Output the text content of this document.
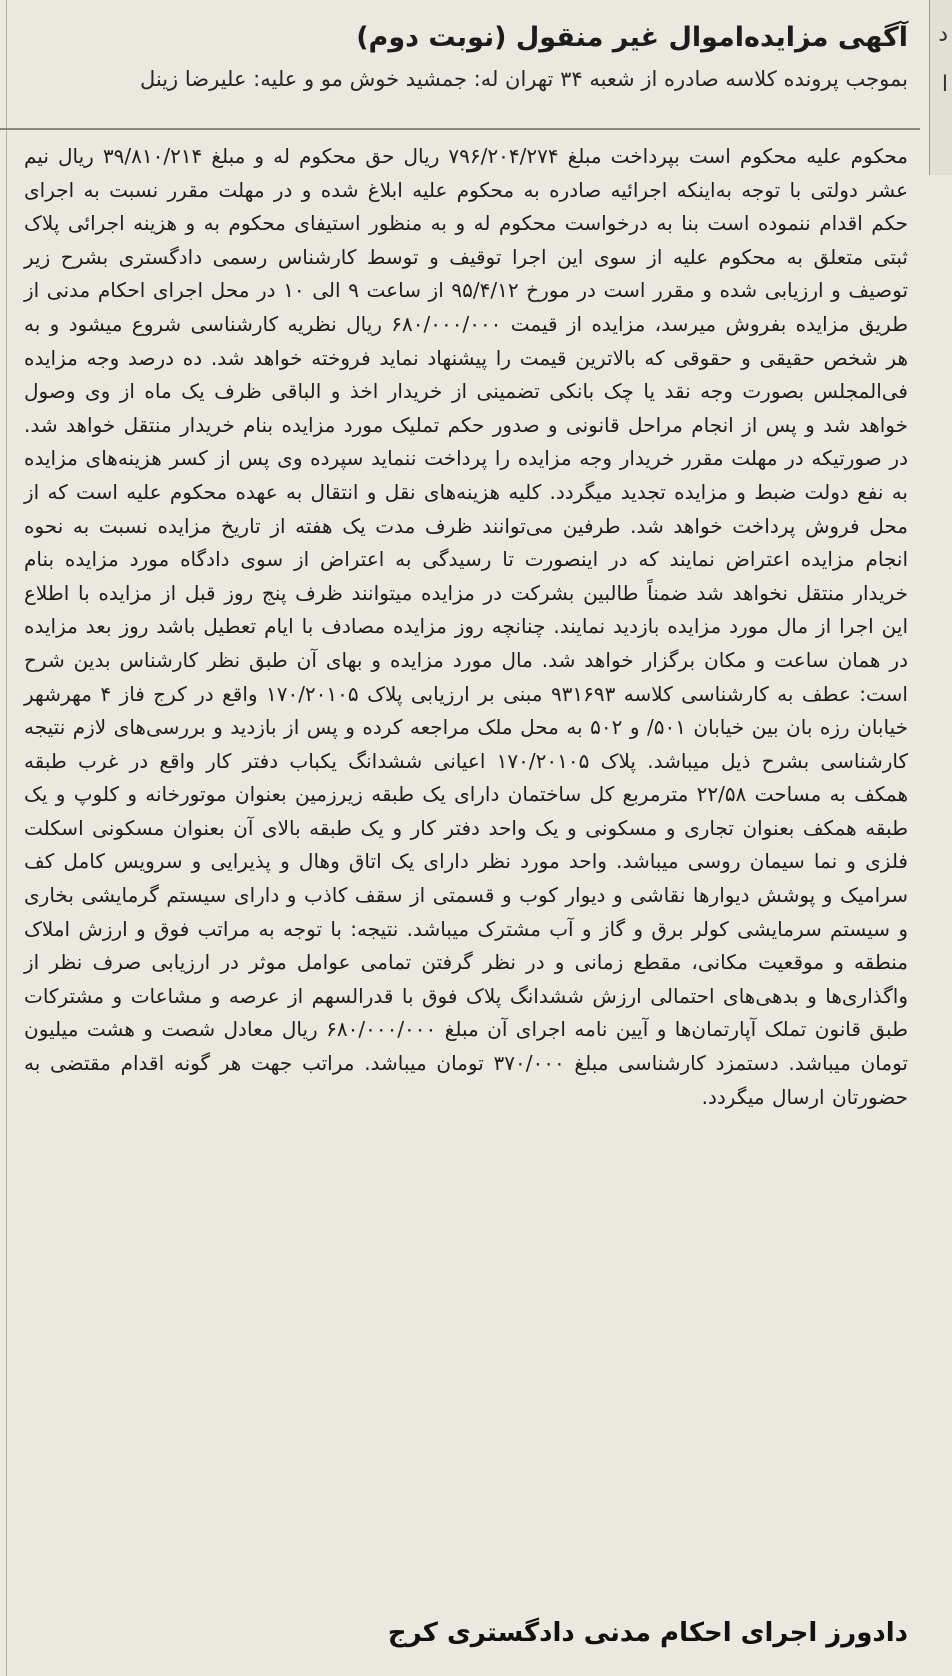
د
ا
آگهی مزایده‌اموال غیر منقول (نوبت دوم)
بموجب پرونده کلاسه صادره از شعبه ۳۴ تهران له: جمشید خوش مو و علیه: علیرضا زینل
محکوم علیه محکوم است بپرداخت مبلغ ۷۹۶/۲۰۴/۲۷۴ ریال حق محکوم له و مبلغ ۳۹/۸۱۰/۲۱۴ ریال نیم عشر دولتی با توجه به‌اینکه اجرائیه صادره به محکوم علیه ابلاغ شده و در مهلت مقرر نسبت به اجرای حکم اقدام ننموده است بنا به درخواست محکوم له و به منظور استیفای محکوم به و هزینه اجرائی پلاک ثبتی متعلق به محکوم علیه از سوی این اجرا توقیف و توسط کارشناس رسمی دادگستری بشرح زیر توصیف و ارزیابی شده و مقرر است در مورخ ۹۵/۴/۱۲ از ساعت ۹ الی ۱۰ در محل اجرای احکام مدنی از طریق مزایده بفروش میرسد، مزایده از قیمت ۶۸۰/۰۰۰/۰۰۰ ریال نظریه کارشناسی شروع میشود و به هر شخص حقیقی و حقوقی که بالاترین قیمت را پیشنهاد نماید فروخته خواهد شد. ده درصد وجه مزایده فی‌المجلس بصورت وجه نقد یا چک بانکی تضمینی از خریدار اخذ و الباقی ظرف یک ماه از وی وصول خواهد شد و پس از انجام مراحل قانونی و صدور حکم تملیک مورد مزایده بنام خریدار منتقل خواهد شد. در صورتیکه در مهلت مقرر خریدار وجه مزایده را پرداخت ننماید سپرده وی پس از کسر هزینه‌های مزایده به نفع دولت ضبط و مزایده تجدید میگردد. کلیه هزینه‌های نقل و انتقال به عهده محکوم علیه است که از محل فروش پرداخت خواهد شد. طرفین می‌توانند ظرف مدت یک هفته از تاریخ مزایده نسبت به نحوه انجام مزایده اعتراض نمایند که در اینصورت تا رسیدگی به اعتراض از سوی دادگاه مورد مزایده بنام خریدار منتقل نخواهد شد ضمناً طالبین بشرکت در مزایده میتوانند ظرف پنج روز قبل از مزایده با اطلاع این اجرا از مال مورد مزایده بازدید نمایند. چنانچه روز مزایده مصادف با ایام تعطیل باشد روز بعد مزایده در همان ساعت و مکان برگزار خواهد شد. مال مورد مزایده و بهای آن طبق نظر کارشناس بدین شرح است: عطف به کارشناسی کلاسه ۹۳۱۶۹۳ مبنی بر ارزیابی پلاک ۱۷۰/۲۰۱۰۵ واقع در کرج فاز ۴ مهرشهر خیابان رزه بان بین خیابان ۵۰۱/ و ۵۰۲ به محل ملک مراجعه کرده و پس از بازدید و بررسی‌های لازم نتیجه کارشناسی بشرح ذیل میباشد. پلاک ۱۷۰/۲۰۱۰۵ اعیانی ششدانگ یکباب دفتر کار واقع در غرب طبقه همکف به مساحت ۲۲/۵۸ مترمربع کل ساختمان دارای یک طبقه زیرزمین بعنوان موتورخانه و کلوپ و یک طبقه همکف بعنوان تجاری و مسکونی و یک واحد دفتر کار و یک طبقه بالای آن بعنوان مسکونی اسکلت فلزی و نما سیمان روسی میباشد. واحد مورد نظر دارای یک اتاق وهال و پذیرایی و سرویس کامل کف سرامیک و پوشش دیوارها نقاشی و دیوار کوب و قسمتی از سقف کاذب و دارای سیستم گرمایشی بخاری و سیستم سرمایشی کولر برق و گاز و آب مشترک میباشد. نتیجه: با توجه به مراتب فوق و ارزش املاک منطقه و موقعیت مکانی، مقطع زمانی و در نظر گرفتن تمامی عوامل موثر در ارزیابی صرف نظر از واگذاری‌ها و بدهی‌های احتمالی ارزش ششدانگ پلاک فوق با قدرالسهم از عرصه و مشاعات و مشترکات طبق قانون تملک آپارتمان‌ها و آیین نامه اجرای آن مبلغ ۶۸۰/۰۰۰/۰۰۰ ریال معادل شصت و هشت میلیون تومان میباشد. دستمزد کارشناسی مبلغ ۳۷۰/۰۰۰ تومان میباشد. مراتب جهت هر گونه اقدام مقتضی به حضورتان ارسال میگردد.
دادورز اجرای احکام مدنی دادگستری کرج
